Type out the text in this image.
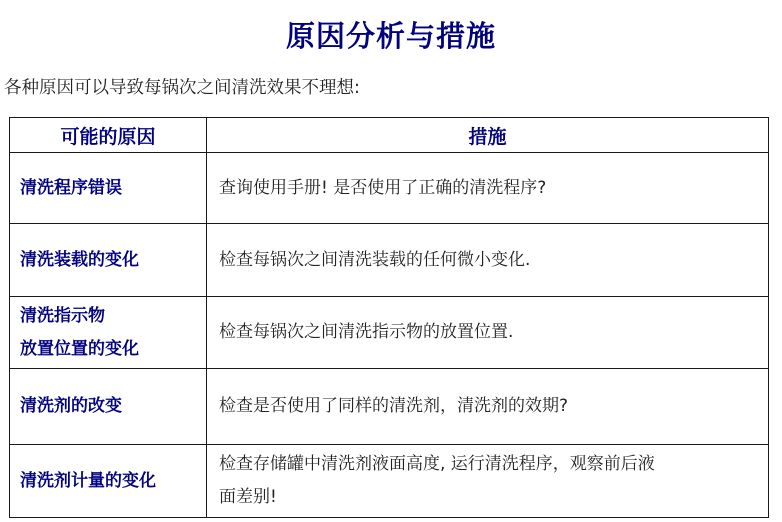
原因分析与措施
各种原因可以导致每锅次之间清洗效果不理想:
可能的原因	措施
清洗程序错误	查询使用手册! 是否使用了正确的清洗程序?
清洗装载的变化	检查每锅次之间清洗装载的任何微小变化.
清洗指示物
放置位置的变化	检查每锅次之间清洗指示物的放置位置.
清洗剂的改变	检查是否使用了同样的清洗剂，清洗剂的效期?
清洗剂计量的变化	检查存储罐中清洗剂液面高度, 运行清洗程序，观察前后液
面差别!
